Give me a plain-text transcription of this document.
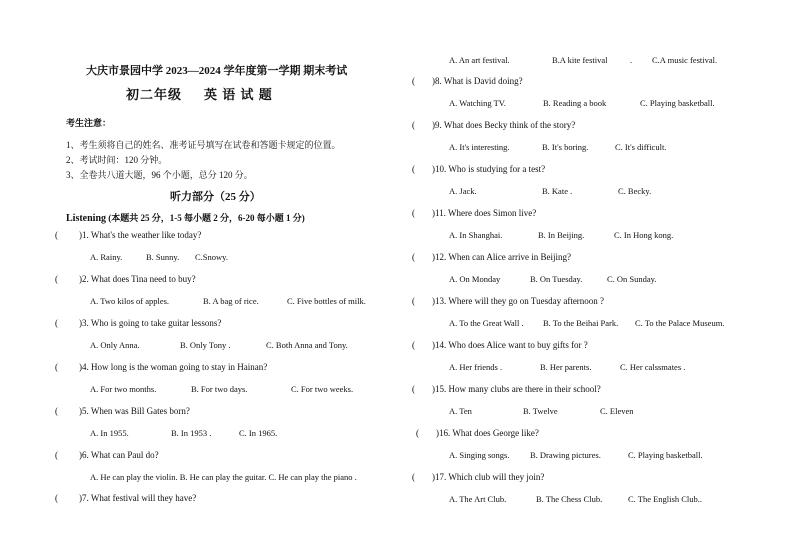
大庆市景园中学 2023—2024 学年度第一学期 期末考试
初二年级 英 语 试 题
考生注意：
1、考生须将自己的姓名、准考证号填写在试卷和答题卡规定的位置。
2、考试时间：120 分钟。
3、全卷共八道大题，96 个小题，总分 120 分。
听力部分（25 分）
Listening (本题共 25 分，1-5 每小题 2 分，6-20 每小题 1 分)
( )1. What's the weather like today?
A. Rainy.	B. Sunny. C.Snowy.
( )2. What does Tina need to buy?
A. Two kilos of apples.	B. A bag of rice.	C. Five bottles of milk.
( )3. Who is going to take guitar lessons?
A. Only Anna.	B. Only Tony .	C. Both Anna and Tony.
( )4. How long is the woman going to stay in Hainan?
A. For two months.	B. For two days.	C. For two weeks.
( )5. When was Bill Gates born?
A. In 1955.	B. In 1953 .	C. In 1965.
( )6. What can Paul do?
A. He can play the violin. B. He can play the guitar. C. He can play the piano .
( )7. What festival will they have?
A. An art festival.	B.A kite festival	. C.A music festival.
( )8. What is David doing?
A. Watching TV.	B. Reading a book	C. Playing basketball.
( )9. What does Becky think of the story?
A. It's interesting.	B. It's boring.	C. It's difficult.
( )10. Who is studying for a test?
A. Jack.	B. Kate .	C. Becky.
( )11. Where does Simon live?
A. In Shanghai.	B. In Beijing.	C. In Hong kong.
( )12. When can Alice arrive in Beijing?
A. On Monday	B. On Tuesday.	C. On Sunday.
( )13. Where will they go on Tuesday afternoon ?
A. To the Great Wall . B. To the Beihai Park. C. To the Palace Museum.
( )14. Who does Alice want to buy gifts for ?
A. Her friends .	B. Her parents.	C. Her calssmates .
( )15. How many clubs are there in their school?
A. Ten	B. Twelve	C. Eleven
( )16. What does George like?
A. Singing songs. B. Drawing pictures.	C. Playing basketball.
( )17. Which club will they join?
A. The Art Club.	B. The Chess Club.	C. The English Club..
